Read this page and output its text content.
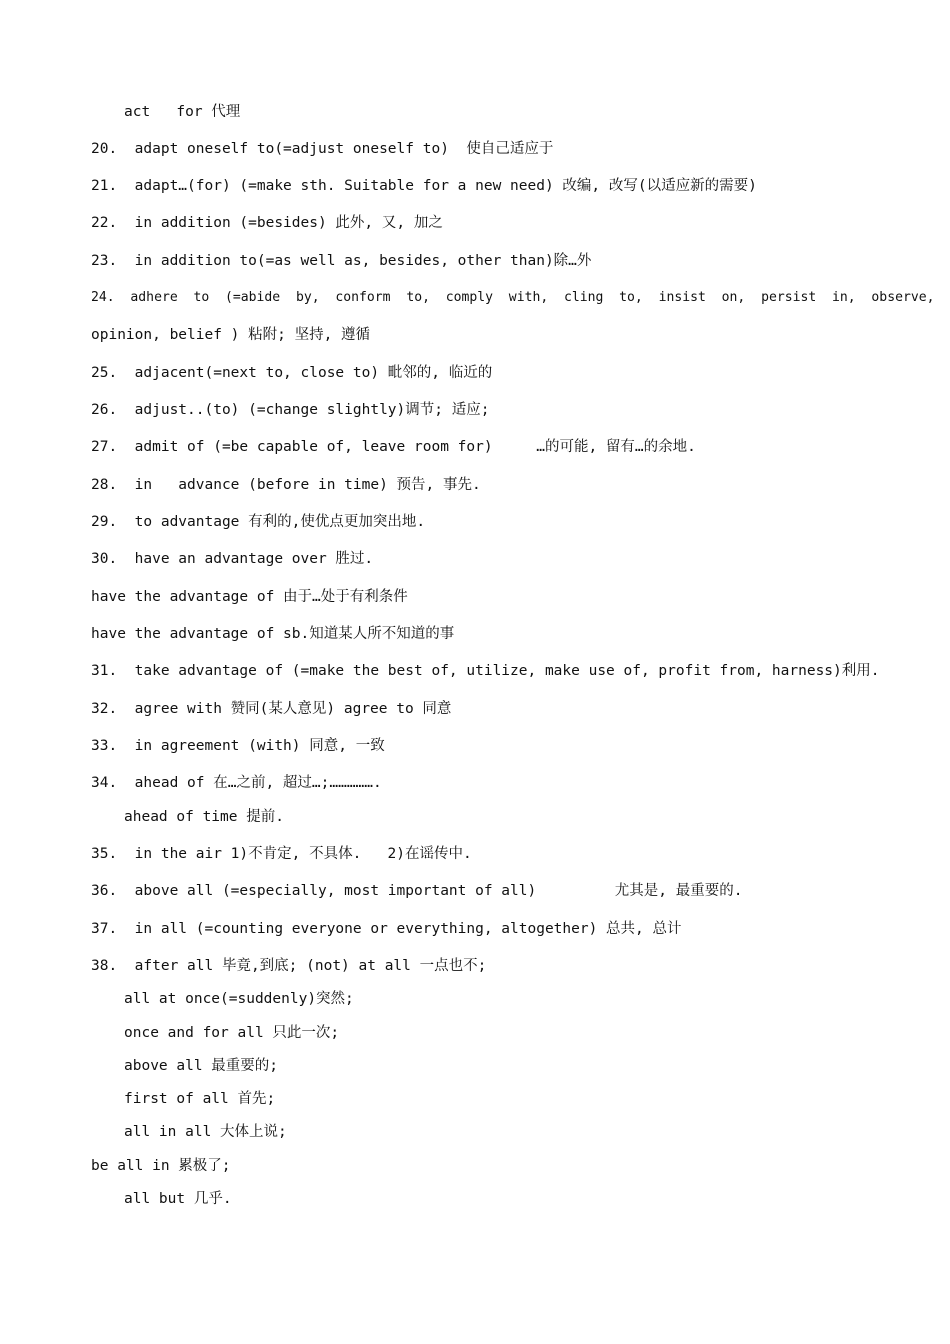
act   for 代理
20.  adapt oneself to(=adjust oneself to)  使自己适应于
21.  adapt…(for) (=make sth. Suitable for a new need) 改编, 改写(以适应新的需要)
22.  in addition (=besides) 此外, 又, 加之
23.  in addition to(=as well as, besides, other than)除…外
24.  adhere  to  (=abide  by,  conform  to,  comply  with,  cling  to,  insist  on,  persist  in,  observe,
opinion, belief ) 粘附; 坚持, 遵循
25.  adjacent(=next to, close to) 毗邻的, 临近的
26.  adjust..(to) (=change slightly)调节; 适应;
27.  admit of (=be capable of, leave room for)     …的可能, 留有…的余地.
28.  in   advance (before in time) 预告, 事先.
29.  to advantage 有利的,使优点更加突出地.
30.  have an advantage over 胜过.
have the advantage of 由于…处于有利条件
have the advantage of sb.知道某人所不知道的事
31.  take advantage of (=make the best of, utilize, make use of, profit from, harness)利用.
32.  agree with 赞同(某人意见) agree to 同意
33.  in agreement (with) 同意, 一致
34.  ahead of 在…之前, 超过…;…………….
ahead of time 提前.
35.  in the air 1)不肯定, 不具体.   2)在谣传中.
36.  above all (=especially, most important of all)         尤其是, 最重要的.
37.  in all (=counting everyone or everything, altogether) 总共, 总计
38.  after all 毕竟,到底; (not) at all 一点也不;
all at once(=suddenly)突然;
once and for all 只此一次;
above all 最重要的;
first of all 首先;
all in all 大体上说;
be all in 累极了;
all but 几乎.
